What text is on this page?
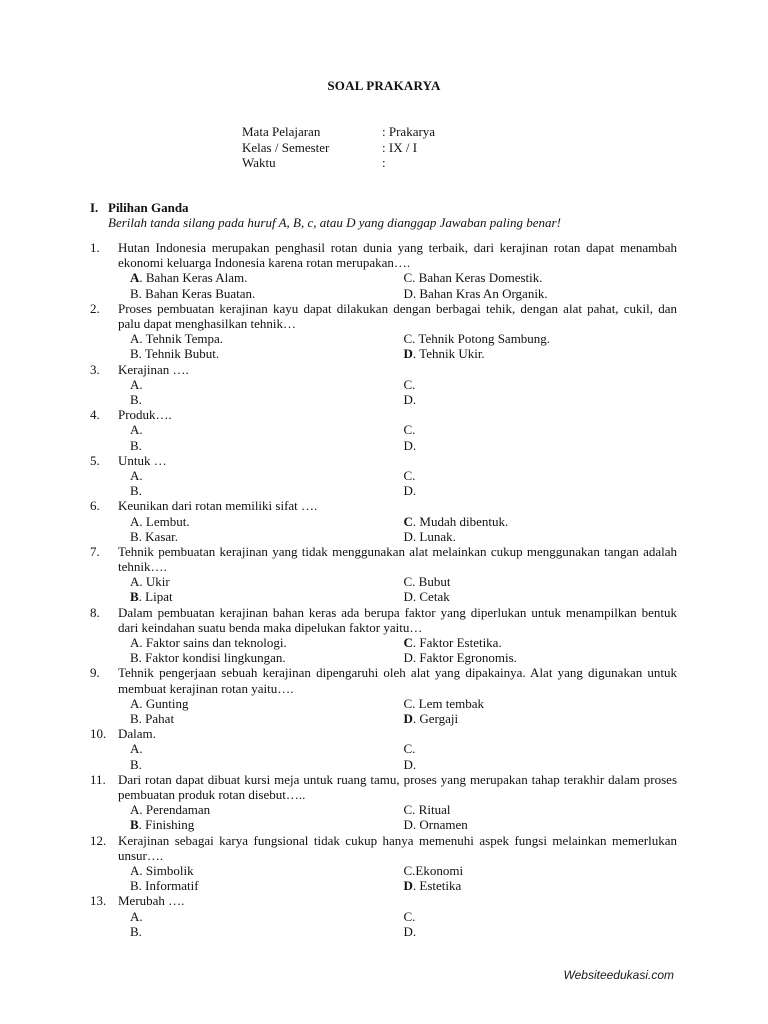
SOAL PRAKARYA
Mata Pelajaran	: Prakarya
Kelas / Semester	: IX / I
Waktu	:
I. Pilihan Ganda
Berilah tanda silang pada huruf A, B, c, atau D yang dianggap Jawaban paling benar!
1.	Hutan Indonesia merupakan penghasil rotan dunia yang terbaik, dari kerajinan rotan dapat menambah ekonomi keluarga Indonesia karena rotan merupakan….
A. Bahan Keras Alam.	C. Bahan Keras Domestik.
B. Bahan Keras Buatan.	D. Bahan Kras An Organik.
2.	Proses pembuatan kerajinan kayu dapat dilakukan dengan berbagai tehik, dengan alat pahat, cukil, dan palu dapat menghasilkan tehnik…
A. Tehnik Tempa.	C. Tehnik Potong Sambung.
B. Tehnik Bubut.	D. Tehnik Ukir.
3.	Kerajinan ….
A.	C.
B.	D.
4.	Produk….
A.	C.
B.	D.
5.	Untuk …
A.	C.
B.	D.
6.	Keunikan dari rotan memiliki sifat ….
A. Lembut.	C. Mudah dibentuk.
B. Kasar.	D. Lunak.
7.	Tehnik pembuatan kerajinan yang tidak menggunakan alat melainkan cukup menggunakan tangan adalah tehnik….
A. Ukir	C. Bubut
B. Lipat	D. Cetak
8.	Dalam pembuatan kerajinan bahan keras ada berupa faktor yang diperlukan untuk menampilkan bentuk dari keindahan suatu benda maka dipelukan faktor yaitu…
A. Faktor sains dan teknologi.	C. Faktor Estetika.
B. Faktor kondisi lingkungan.	D. Faktor Egronomis.
9.	Tehnik pengerjaan sebuah kerajinan dipengaruhi oleh alat yang dipakainya. Alat yang digunakan untuk membuat kerajinan rotan yaitu….
A. Gunting	C. Lem tembak
B. Pahat	D. Gergaji
10. Dalam.
A.	C.
B.	D.
11. Dari rotan dapat dibuat kursi meja untuk ruang tamu, proses yang merupakan tahap terakhir dalam proses pembuatan produk rotan disebut…..
A. Perendaman	C. Ritual
B. Finishing	D. Ornamen
12. Kerajinan sebagai karya fungsional tidak cukup hanya memenuhi aspek fungsi melainkan memerlukan unsur….
A. Simbolik	C.Ekonomi
B. Informatif	D. Estetika
13. Merubah ….
A.	C.
B.	D.
Websiteedukasi.com
